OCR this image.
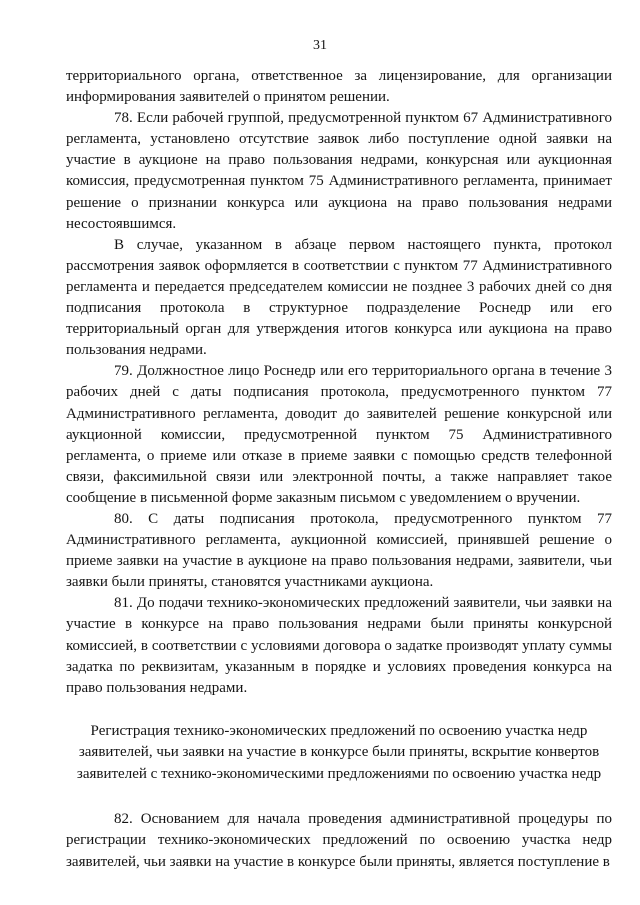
31

территориального органа, ответственное за лицензирование, для организации информирования заявителей о принятом решении.

78. Если рабочей группой, предусмотренной пунктом 67 Административного регламента, установлено отсутствие заявок либо поступление одной заявки на участие в аукционе на право пользования недрами, конкурсная или аукционная комиссия, предусмотренная пунктом 75 Административного регламента, принимает решение о признании конкурса или аукциона на право пользования недрами несостоявшимся.

В случае, указанном в абзаце первом настоящего пункта, протокол рассмотрения заявок оформляется в соответствии с пунктом 77 Административного регламента и передается председателем комиссии не позднее 3 рабочих дней со дня подписания протокола в структурное подразделение Роснедр или его территориальный орган для утверждения итогов конкурса или аукциона на право пользования недрами.

79. Должностное лицо Роснедр или его территориального органа в течение 3 рабочих дней с даты подписания протокола, предусмотренного пунктом 77 Административного регламента, доводит до заявителей решение конкурсной или аукционной комиссии, предусмотренной пунктом 75 Административного регламента, о приеме или отказе в приеме заявки с помощью средств телефонной связи, факсимильной связи или электронной почты, а также направляет такое сообщение в письменной форме заказным письмом с уведомлением о вручении.

80. С даты подписания протокола, предусмотренного пунктом 77 Административного регламента, аукционной комиссией, принявшей решение о приеме заявки на участие в аукционе на право пользования недрами, заявители, чьи заявки были приняты, становятся участниками аукциона.

81. До подачи технико-экономических предложений заявители, чьи заявки на участие в конкурсе на право пользования недрами были приняты конкурсной комиссией, в соответствии с условиями договора о задатке производят уплату суммы задатка по реквизитам, указанным в порядке и условиях проведения конкурса на право пользования недрами.

Регистрация технико-экономических предложений по освоению участка недр заявителей, чьи заявки на участие в конкурсе были приняты, вскрытие конвертов заявителей с технико-экономическими предложениями по освоению участка недр

82. Основанием для начала проведения административной процедуры по регистрации технико-экономических предложений по освоению участка недр заявителей, чьи заявки на участие в конкурсе были приняты, является поступление в
